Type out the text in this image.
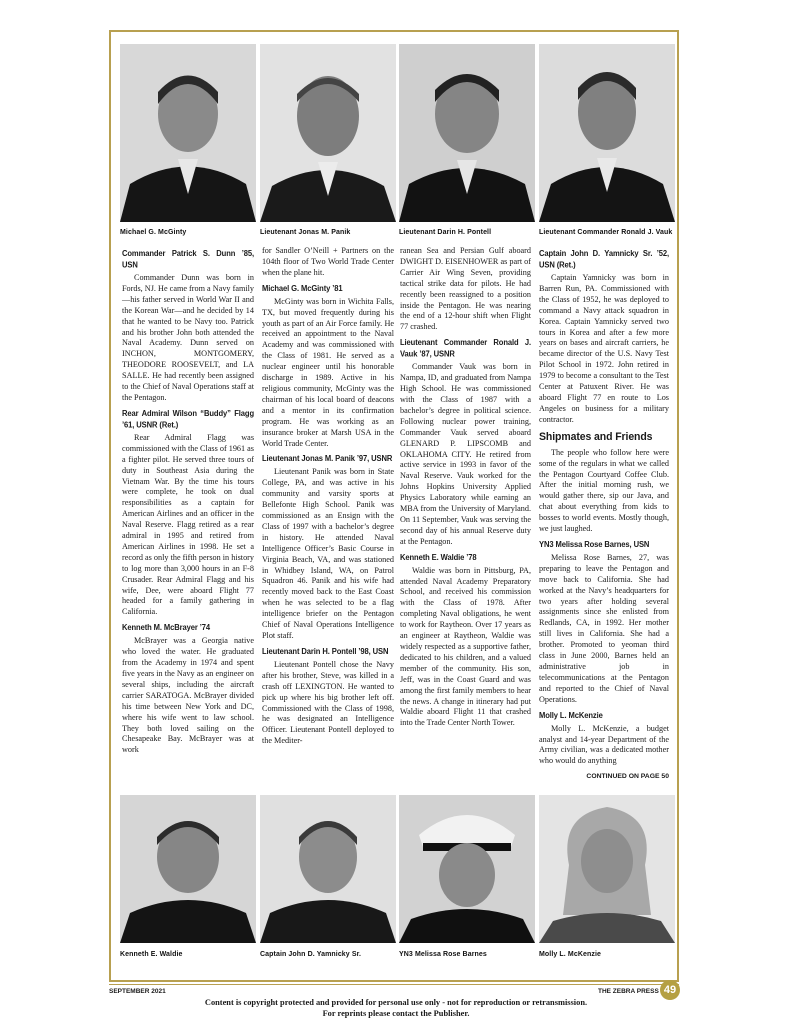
Michael G. McGinty	Lieutenant Jonas M. Panik	Lieutenant Darin H. Pontell	Lieutenant Commander Ronald J. Vauk
Commander Patrick S. Dunn ’85, USN

Commander Dunn was born in Fords, NJ. He came from a Navy family—his father served in World War II and the Korean War—and he decided by 14 that he wanted to be Navy too. Patrick and his brother John both attended the Naval Academy. Dunn served on INCHON, MONTGOMERY, THEODORE ROOSEVELT, and LA SALLE. He had recently been assigned to the Chief of Naval Operations staff at the Pentagon.

Rear Admiral Wilson “Buddy” Flagg ’61, USNR (Ret.)

Rear Admiral Flagg was commissioned with the Class of 1961 as a fighter pilot. He served three tours of duty in Southeast Asia during the Vietnam War. By the time his tours were complete, he took on dual responsibilities as a captain for American Airlines and an officer in the Naval Reserve. Flagg retired as a rear admiral in 1995 and retired from American Airlines in 1998. He set a record as only the fifth person in history to log more than 3,000 hours in an F-8 Crusader. Rear Admiral Flagg and his wife, Dee, were aboard Flight 77 headed for a family gathering in California.

Kenneth M. McBrayer ’74

McBrayer was a Georgia native who loved the water. He graduated from the Academy in 1974 and spent five years in the Navy as an engineer on several ships, including the aircraft carrier SARATOGA. McBrayer divided his time between New York and DC, where his wife went to law school. They both loved sailing on the Chesapeake Bay. McBrayer was at work

for Sandler O’Neill + Partners on the 104th floor of Two World Trade Center when the plane hit.

Michael G. McGinty ’81

McGinty was born in Wichita Falls, TX, but moved frequently during his youth as part of an Air Force family. He received an appointment to the Naval Academy and was commissioned with the Class of 1981. He served as a nuclear engineer until his honorable discharge in 1989. Active in his religious community, McGinty was the chairman of his local board of deacons and a mentor in its confirmation program. He was working as an insurance broker at Marsh USA in the World Trade Center.

Lieutenant Jonas M. Panik ’97, USNR

Lieutenant Panik was born in State College, PA, and was active in his community and varsity sports at Bellefonte High School. Panik was commissioned as an Ensign with the Class of 1997 with a bachelor’s degree in history. He attended Naval Intelligence Officer’s Basic Course in Virginia Beach, VA, and was stationed in Whidbey Island, WA, on Patrol Squadron 46. Panik and his wife had recently moved back to the East Coast when he was selected to be a flag intelligence briefer on the Pentagon Chief of Naval Operations Intelligence Plot staff.

Lieutenant Darin H. Pontell ’98, USN

Lieutenant Pontell chose the Navy after his brother, Steve, was killed in a crash off LEXINGTON. He wanted to pick up where his big brother left off. Commissioned with the Class of 1998, he was designated an Intelligence Officer. Lieutenant Pontell deployed to the Mediter-

ranean Sea and Persian Gulf aboard DWIGHT D. EISENHOWER as part of Carrier Air Wing Seven, providing tactical strike data for pilots. He had recently been reassigned to a position inside the Pentagon. He was nearing the end of a 12-hour shift when Flight 77 crashed.

Lieutenant Commander Ronald J. Vauk ’87, USNR

Commander Vauk was born in Nampa, ID, and graduated from Nampa High School. He was commissioned with the Class of 1987 with a bachelor’s degree in political science. Following nuclear power training, Commander Vauk served aboard GLENARD P. LIPSCOMB and OKLAHOMA CITY. He retired from active service in 1993 in favor of the Naval Reserve. Vauk worked for the Johns Hopkins University Applied Physics Laboratory while earning an MBA from the University of Maryland. On 11 September, Vauk was serving the second day of his annual Reserve duty at the Pentagon.

Kenneth E. Waldie ’78

Waldie was born in Pittsburg, PA, attended Naval Academy Preparatory School, and received his commission with the Class of 1978. After completing Naval obligations, he went to work for Raytheon. Over 17 years as an engineer at Raytheon, Waldie was widely respected as a supportive father, dedicated to his children, and a valued member of the community. His son, Jeff, was in the Coast Guard and was among the first family members to hear the news. A change in itinerary had put Waldie aboard Flight 11 that crashed into the Trade Center North Tower.

Captain John D. Yamnicky Sr. ’52, USN (Ret.)

Captain Yamnicky was born in Barren Run, PA. Commissioned with the Class of 1952, he was deployed to command a Navy attack squadron in Korea. Captain Yamnicky served two tours in Korea and after a few more years on bases and aircraft carriers, he became director of the U.S. Navy Test Pilot School in 1972. John retired in 1979 to become a consultant to the Test Center at Patuxent River. He was aboard Flight 77 en route to Los Angeles on business for a military contractor.

Shipmates and Friends

The people who follow here were some of the regulars in what we called the Pentagon Courtyard Coffee Club. After the initial morning rush, we would gather there, sip our Java, and chat about everything from kids to bosses to world events. Mostly though, we just laughed.

YN3 Melissa Rose Barnes, USN

Melissa Rose Barnes, 27, was preparing to leave the Pentagon and move back to California. She had worked at the Navy’s headquarters for two years after holding several assignments since she enlisted from Redlands, CA, in 1992. Her mother still lives in California. She had a brother. Promoted to yeoman third class in June 2000, Barnes held an administrative job in telecommunications at the Pentagon and reported to the Chief of Naval Operations.

Molly L. McKenzie

Molly L. McKenzie, a budget analyst and 14-year Department of the Army civilian, was a dedicated mother who would do anything

CONTINUED ON PAGE 50
Kenneth E. Waldie	Captain John D. Yamnicky Sr.	YN3 Melissa Rose Barnes	Molly L. McKenzie
SEPTEMBER 2021	THE ZEBRA PRESS 49
Content is copyright protected and provided for personal use only - not for reproduction or retransmission.
For reprints please contact the Publisher.
